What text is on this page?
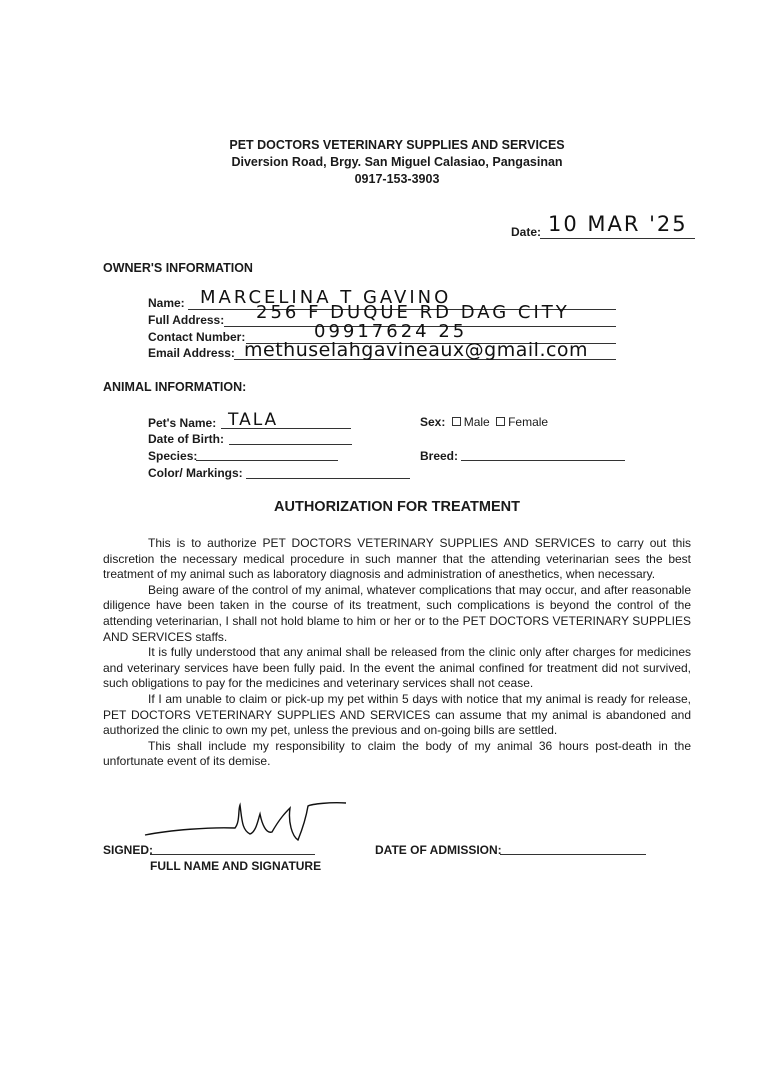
PET DOCTORS VETERINARY SUPPLIES AND SERVICES
Diversion Road, Brgy. San Miguel Calasiao, Pangasinan
0917-153-3903
Date: 10 MAR '25
OWNER'S INFORMATION
Name: MARCELINA T GAVINO
Full Address: 256 F DUQUE RD DAG CITY
Contact Number:	09917624 25
Email Address: methuselahgavineaux@gmail.com
ANIMAL INFORMATION:
Pet's Name: TALA
Date of Birth:
Species:
Color/ Markings:
Sex: Male Female
Breed:
AUTHORIZATION FOR TREATMENT

This is to authorize PET DOCTORS VETERINARY SUPPLIES AND SERVICES to carry out this discretion the necessary medical procedure in such manner that the attending veterinarian sees the best treatment of my animal such as laboratory diagnosis and administration of anesthetics, when necessary.

Being aware of the control of my animal, whatever complications that may occur, and after reasonable diligence have been taken in the course of its treatment, such complications is beyond the control of the attending veterinarian, I shall not hold blame to him or her or to the PET DOCTORS VETERINARY SUPPLIES AND SERVICES staffs.

It is fully understood that any animal shall be released from the clinic only after charges for medicines and veterinary services have been fully paid. In the event the animal confined for treatment did not survived, such obligations to pay for the medicines and veterinary services shall not cease.

If I am unable to claim or pick-up my pet within 5 days with notice that my animal is ready for release, PET DOCTORS VETERINARY SUPPLIES AND SERVICES can assume that my animal is abandoned and authorized the clinic to own my pet, unless the previous and on-going bills are settled.

This shall include my responsibility to claim the body of my animal 36 hours post-death in the unfortunate event of its demise.

SIGNED:
FULL NAME AND SIGNATURE
DATE OF ADMISSION:
